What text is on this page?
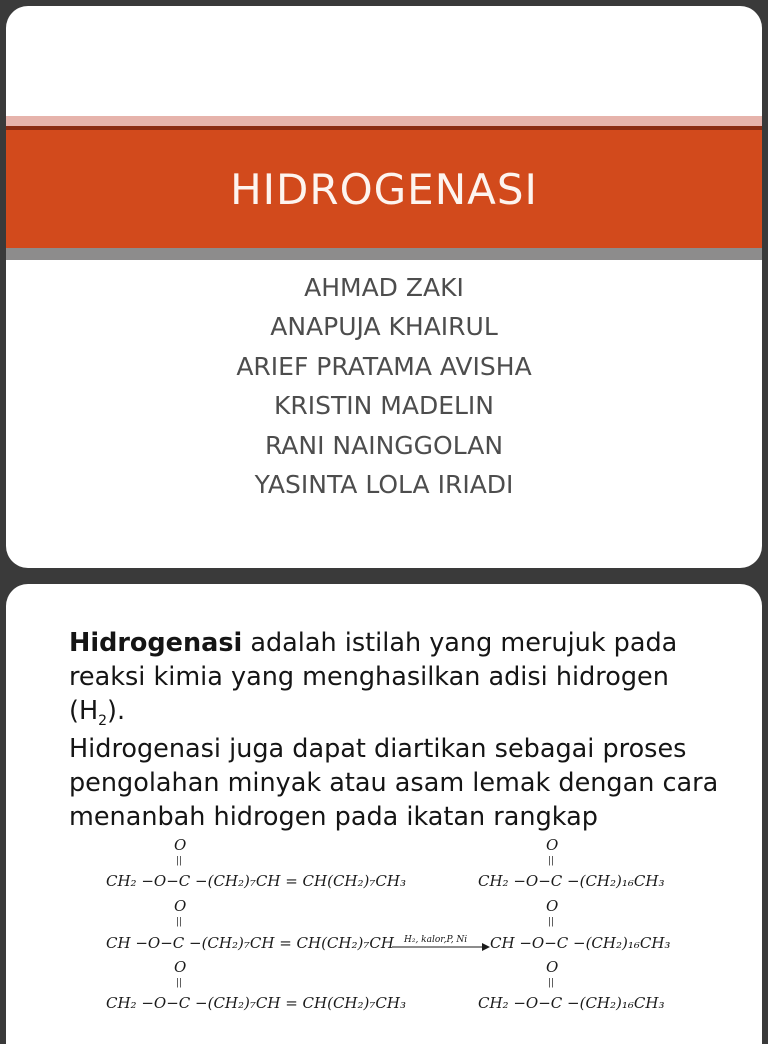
HIDROGENASI
AHMAD ZAKI
ANAPUJA KHAIRUL
ARIEF PRATAMA AVISHA
KRISTIN MADELIN
RANI NAINGGOLAN
YASINTA LOLA IRIADI

Hidrogenasi adalah istilah yang merujuk pada reaksi kimia yang menghasilkan adisi hidrogen $(H_2)$.

Hidrogenasi juga dapat diartikan sebagai proses pengolahan minyak atau asam lemak dengan cara menanbah hidrogen pada ikatan rangkap

O
||
CH₂ −O−C −(CH₂)₇CH = CH(CH₂)₇CH₃
O
||
CH −O−C −(CH₂)₇CH = CH(CH₂)₇CH
O
||
CH₂ −O−C −(CH₂)₇CH = CH(CH₂)₇CH₃
H₂, kalor,P, Ni
O
||
CH₂ −O−C −(CH₂)₁₆CH₃
O
||
CH −O−C −(CH₂)₁₆CH₃
O
||
CH₂ −O−C −(CH₂)₁₆CH₃
